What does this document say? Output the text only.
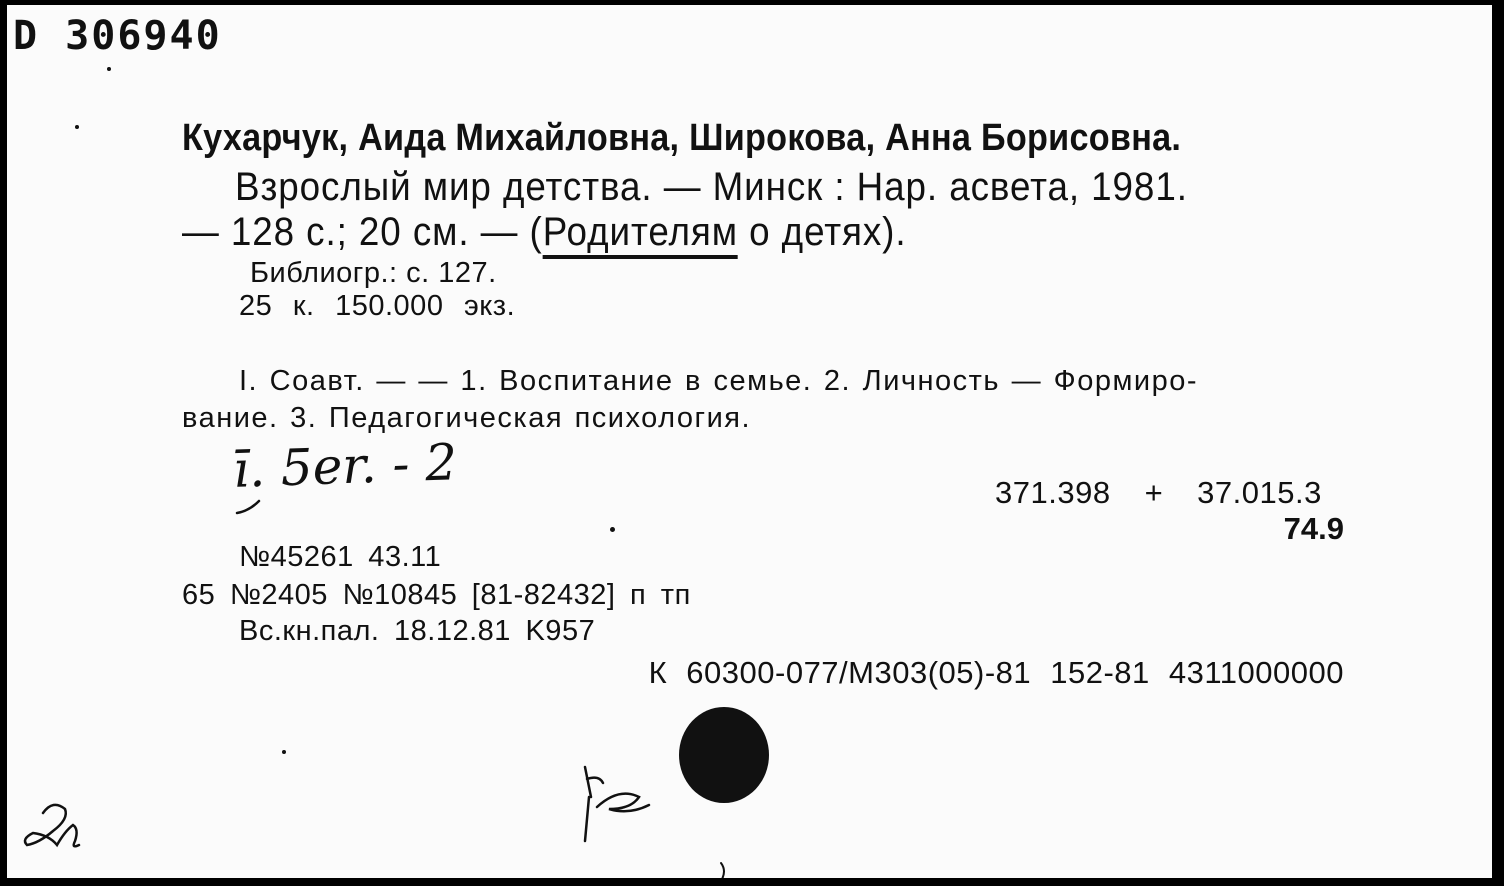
D 306940
Кухарчук, Аида Михайловна, Широкова, Анна Борисовна.
Взрослый мир детства. — Минск : Нар. асвета, 1981.
— 128 с.; 20 см. — (Родителям о детях).
Библиогр.: с. 127.
25 к. 150.000 экз.
I. Соавт. — — 1. Воспитание в семье. 2. Личность — Формиро-
вание. 3. Педагогическая психология.
ī. 5er. - 2	371.398 + 37.015.3
74.9
№45261 43.11
65 №2405 №10845 [81-82432] п тп
Вс.кн.пал. 18.12.81 K957
К 60300-077/М303(05)-81 152-81 4311000000
